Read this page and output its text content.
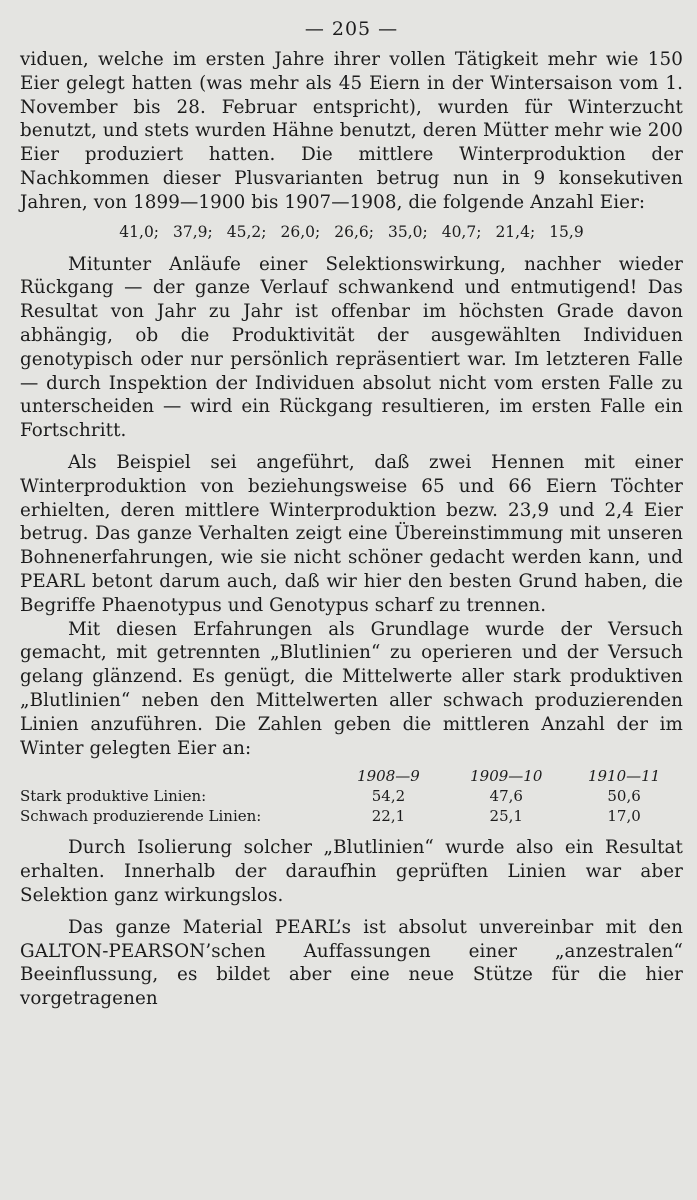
— 205 —

viduen, welche im ersten Jahre ihrer vollen Tätigkeit mehr wie 150 Eier gelegt hatten (was mehr als 45 Eiern in der Wintersaison vom 1. November bis 28. Februar entspricht), wurden für Winterzucht benutzt, und stets wurden Hähne benutzt, deren Mütter mehr wie 200 Eier produziert hatten. Die mittlere Winterproduktion der Nachkommen dieser Plusvarianten betrug nun in 9 konsekutiven Jahren, von 1899—1900 bis 1907—1908, die folgende Anzahl Eier:

41,0; 37,9; 45,2; 26,0; 26,6; 35,0; 40,7; 21,4; 15,9

Mitunter Anläufe einer Selektionswirkung, nachher wieder Rückgang — der ganze Verlauf schwankend und entmutigend! Das Resultat von Jahr zu Jahr ist offenbar im höchsten Grade davon abhängig, ob die Produktivität der ausgewählten Individuen genotypisch oder nur persönlich repräsentiert war. Im letzteren Falle — durch Inspektion der Individuen absolut nicht vom ersten Falle zu unterscheiden — wird ein Rückgang resultieren, im ersten Falle ein Fortschritt.

Als Beispiel sei angeführt, daß zwei Hennen mit einer Winterproduktion von beziehungsweise 65 und 66 Eiern Töchter erhielten, deren mittlere Winterproduktion bezw. 23,9 und 2,4 Eier betrug. Das ganze Verhalten zeigt eine Übereinstimmung mit unseren Bohnenerfahrungen, wie sie nicht schöner gedacht werden kann, und PEARL betont darum auch, daß wir hier den besten Grund haben, die Begriffe Phaenotypus und Genotypus scharf zu trennen.

Mit diesen Erfahrungen als Grundlage wurde der Versuch gemacht, mit getrennten „Blutlinien“ zu operieren und der Versuch gelang glänzend. Es genügt, die Mittelwerte aller stark produktiven „Blutlinien“ neben den Mittelwerten aller schwach produzierenden Linien anzuführen. Die Zahlen geben die mittleren Anzahl der im Winter gelegten Eier an:

	1908—9	1909—10	1910—11
Stark produktive Linien:	54,2	47,6	50,6
Schwach produzierende Linien:	22,1	25,1	17,0

Durch Isolierung solcher „Blutlinien“ wurde also ein Resultat erhalten. Innerhalb der daraufhin geprüften Linien war aber Selektion ganz wirkungslos.

Das ganze Material PEARL’s ist absolut unvereinbar mit den GALTON-PEARSON’schen Auffassungen einer „anzestralen“ Beeinflussung, es bildet aber eine neue Stütze für die hier vorgetragenen
